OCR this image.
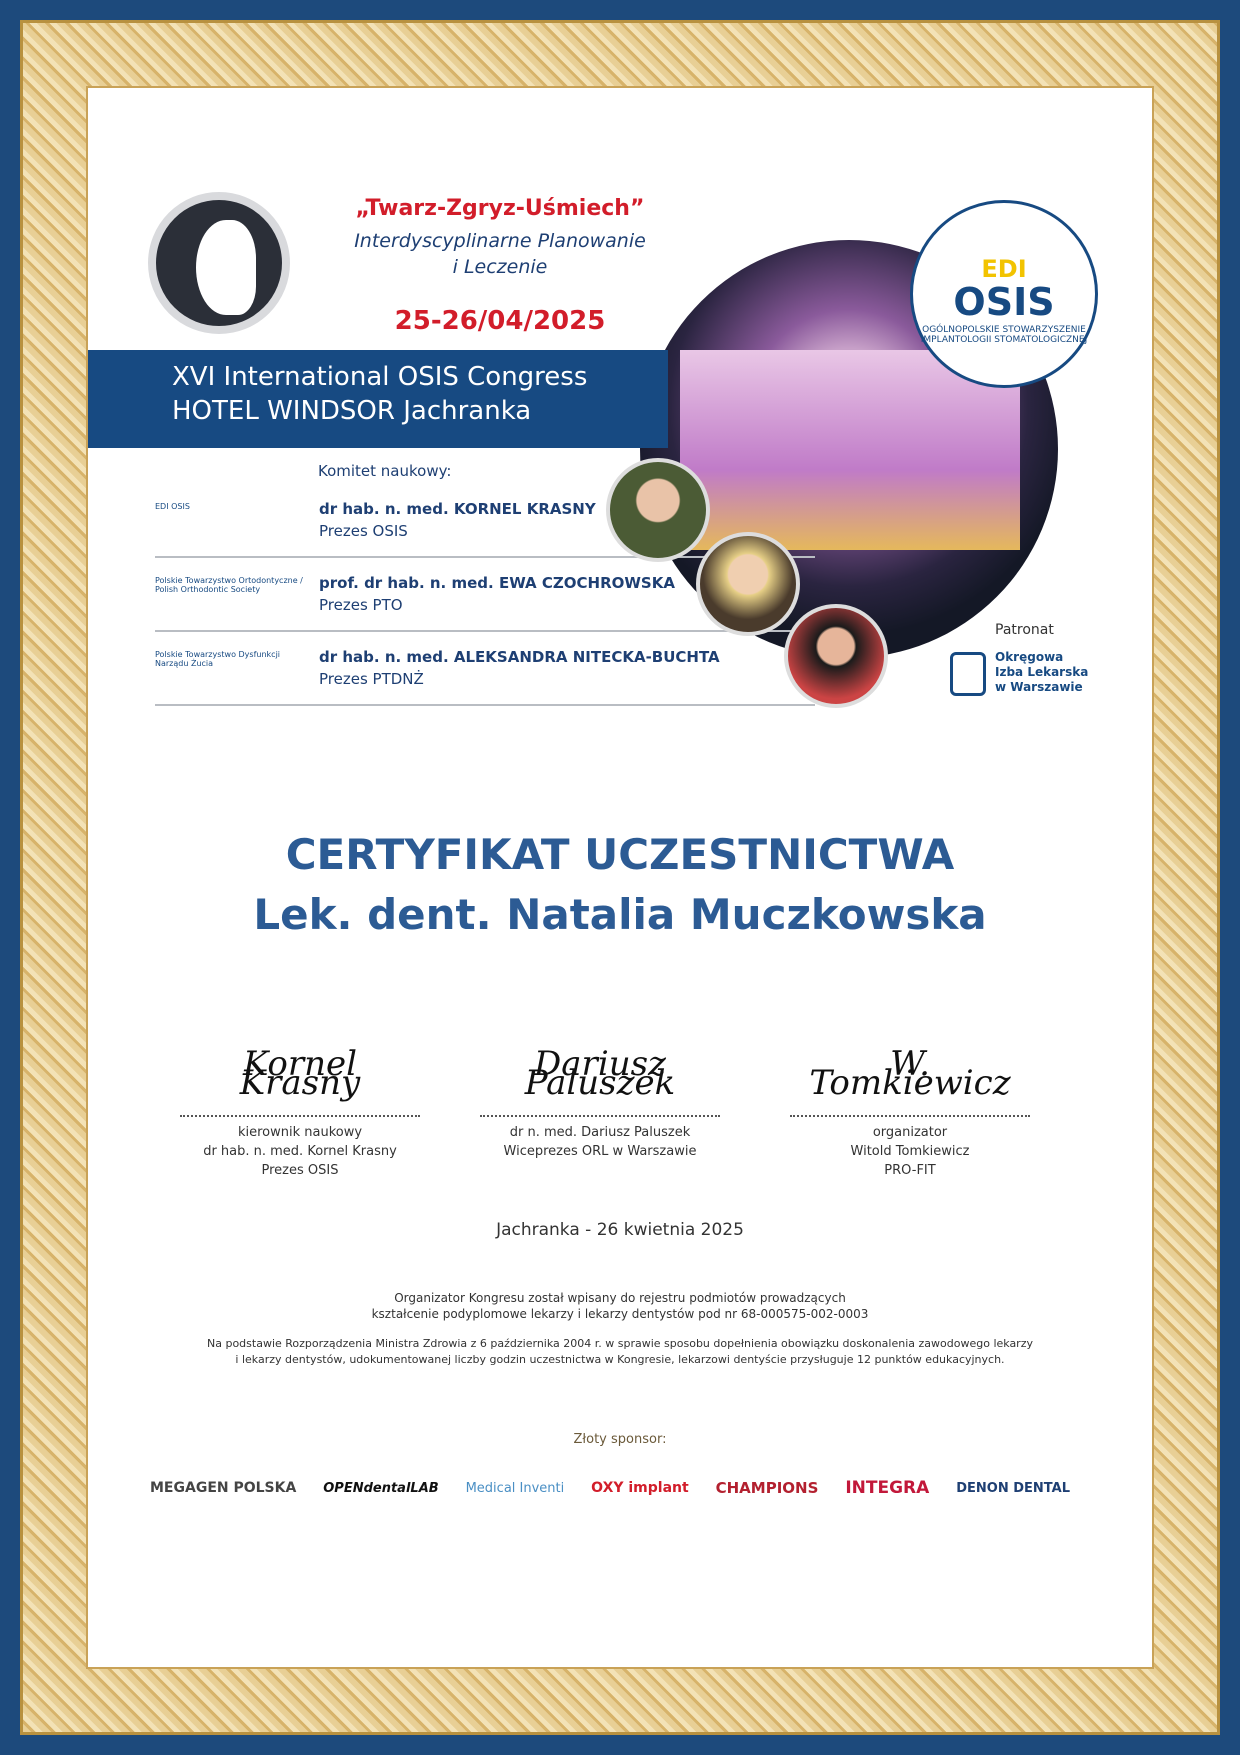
„Twarz-Zgryz-Uśmiech”
Interdyscyplinarne Planowanie
i Leczenie
25-26/04/2025
XVI International OSIS Congress
HOTEL WINDSOR Jachranka
EDI
OSIS
OGÓLNOPOLSKIE STOWARZYSZENIE IMPLANTOLOGII STOMATOLOGICZNEJ
Komitet naukowy:
EDI OSIS	dr hab. n. med. KORNEL KRASNY
Prezes OSIS
Polskie Towarzystwo Ortodontyczne / Polish Orthodontic Society	prof. dr hab. n. med. EWA CZOCHROWSKA
Prezes PTO
Polskie Towarzystwo Dysfunkcji Narządu Żucia	dr hab. n. med. ALEKSANDRA NITECKA-BUCHTA
Prezes PTDNŻ
Patronat
Okręgowa
Izba Lekarska
w Warszawie
CERTYFIKAT UCZESTNICTWA
Lek. dent. Natalia Muczkowska
Kornel Krasny
kierownik naukowy
dr hab. n. med. Kornel Krasny
Prezes OSIS
Dariusz Paluszek
dr n. med. Dariusz Paluszek
Wiceprezes ORL w Warszawie
W. Tomkiewicz
organizator
Witold Tomkiewicz
PRO-FIT
Jachranka - 26 kwietnia 2025
Organizator Kongresu został wpisany do rejestru podmiotów prowadzących
kształcenie podyplomowe lekarzy i lekarzy dentystów pod nr 68-000575-002-0003
Na podstawie Rozporządzenia Ministra Zdrowia z 6 października 2004 r. w sprawie sposobu dopełnienia obowiązku doskonalenia zawodowego lekarzy
i lekarzy dentystów, udokumentowanej liczby godzin uczestnictwa w Kongresie, lekarzowi dentyście przysługuje 12 punktów edukacyjnych.
Złoty sponsor:
MEGAGEN POLSKA OPENdentalLAB Medical Inventi OXY implant CHAMPIONS INTEGRA DENON DENTAL
